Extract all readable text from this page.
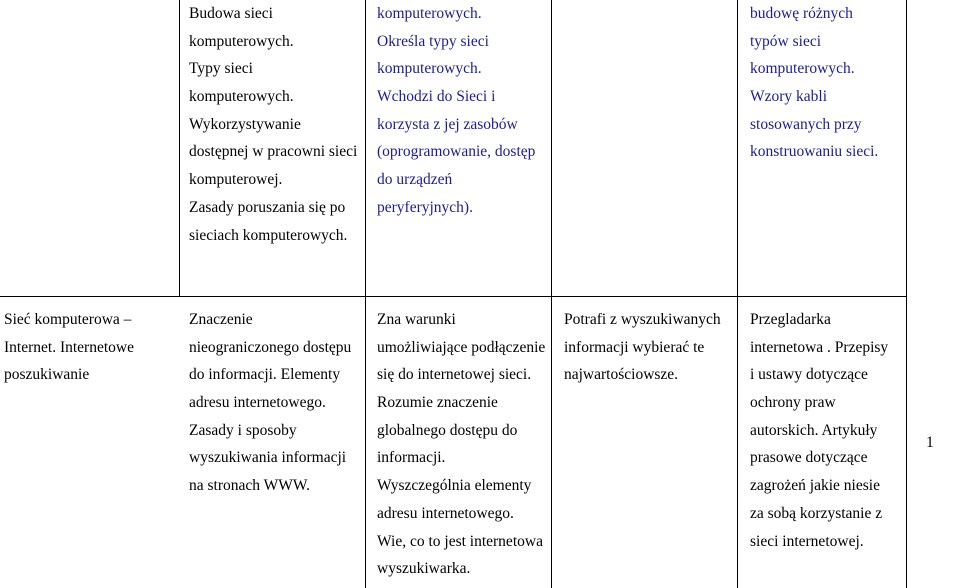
Budowa sieci
komputerowych.
Typy sieci
komputerowych.
Wykorzystywanie
dostępnej w pracowni sieci
komputerowej.
Zasady poruszania się po
sieciach komputerowych.
komputerowych.
Określa typy sieci
komputerowych.
Wchodzi do Sieci i
korzysta z jej zasobów
(oprogramowanie, dostęp
do urządzeń
peryferyjnych).
budowę różnych
typów sieci
komputerowych.
Wzory kabli
stosowanych przy
konstruowaniu sieci.
Sieć komputerowa –
Internet. Internetowe
poszukiwanie
Znaczenie
nieograniczonego dostępu
do informacji. Elementy
adresu internetowego.
Zasady i sposoby
wyszukiwania informacji
na stronach WWW.
Zna warunki
umożliwiające podłączenie
się do internetowej sieci.
Rozumie znaczenie
globalnego dostępu do
informacji.
Wyszczególnia elementy
adresu internetowego.
Wie, co to jest internetowa
wyszukiwarka.
Potrafi z wyszukiwanych
informacji wybierać te
najwartościowsze.
Przegladarka
internetowa . Przepisy
i ustawy dotyczące
ochrony praw
autorskich. Artykuły
prasowe dotyczące
zagrożeń jakie niesie
za sobą korzystanie z
sieci internetowej.
1
